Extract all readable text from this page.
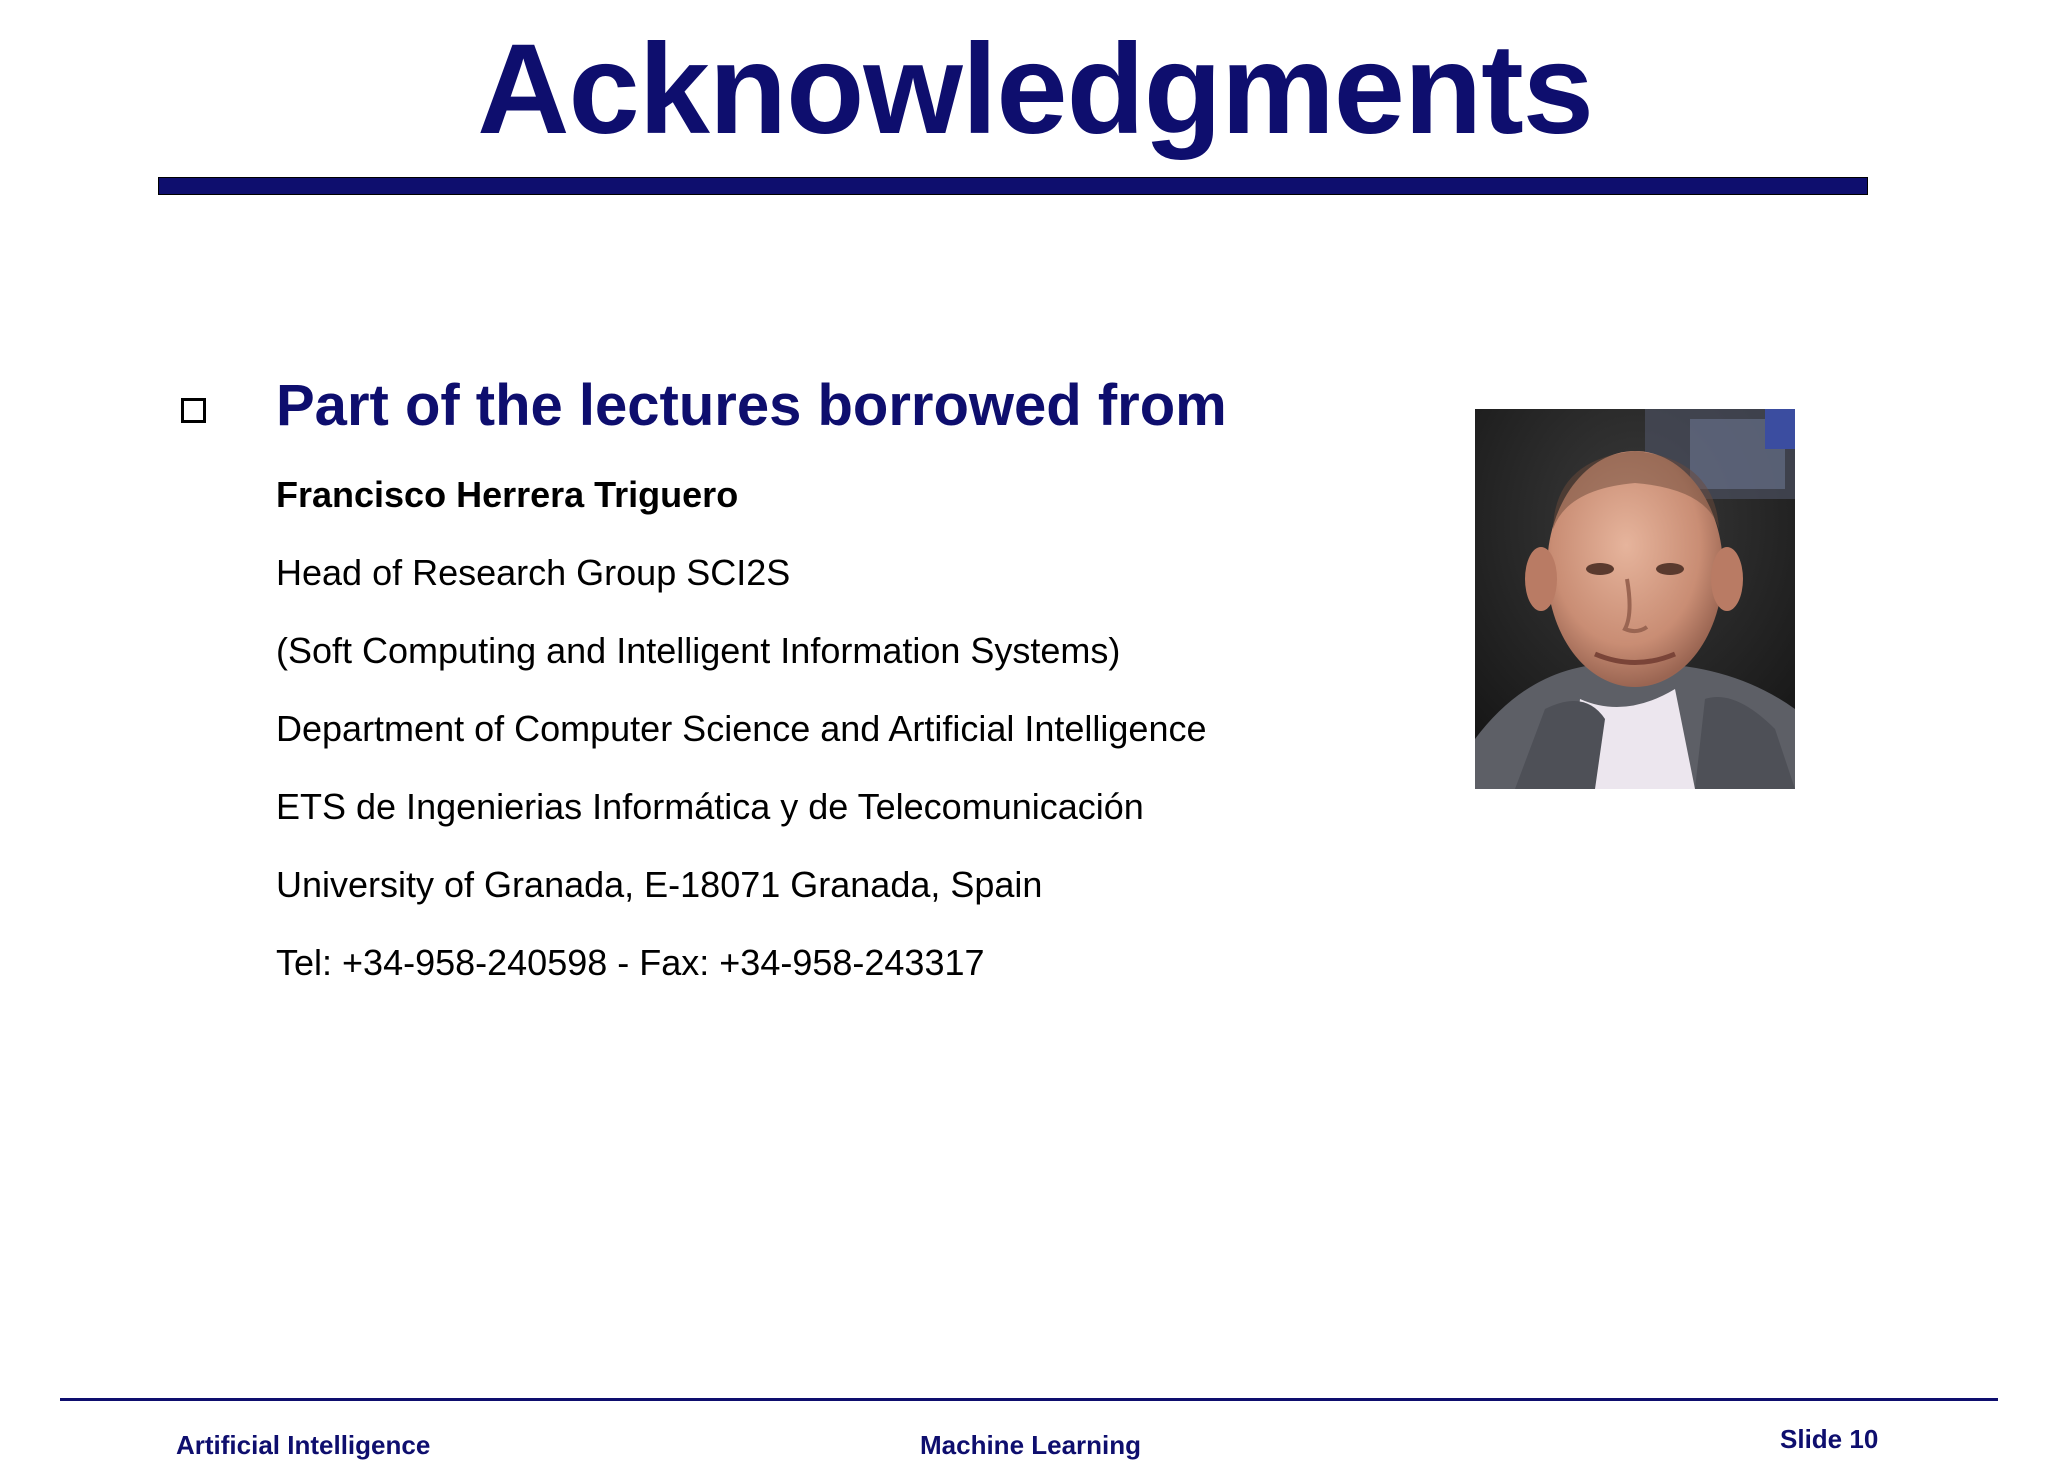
Acknowledgments
Part of the lectures borrowed from
Francisco Herrera Triguero
Head of Research Group SCI2S
(Soft Computing and Intelligent Information Systems)
Department of Computer Science and Artificial Intelligence
ETS de Ingenierias Informática y de Telecomunicación
University of Granada, E-18071 Granada, Spain
Tel: +34-958-240598 - Fax: +34-958-243317
Artificial Intelligence	Machine Learning	Slide 10
